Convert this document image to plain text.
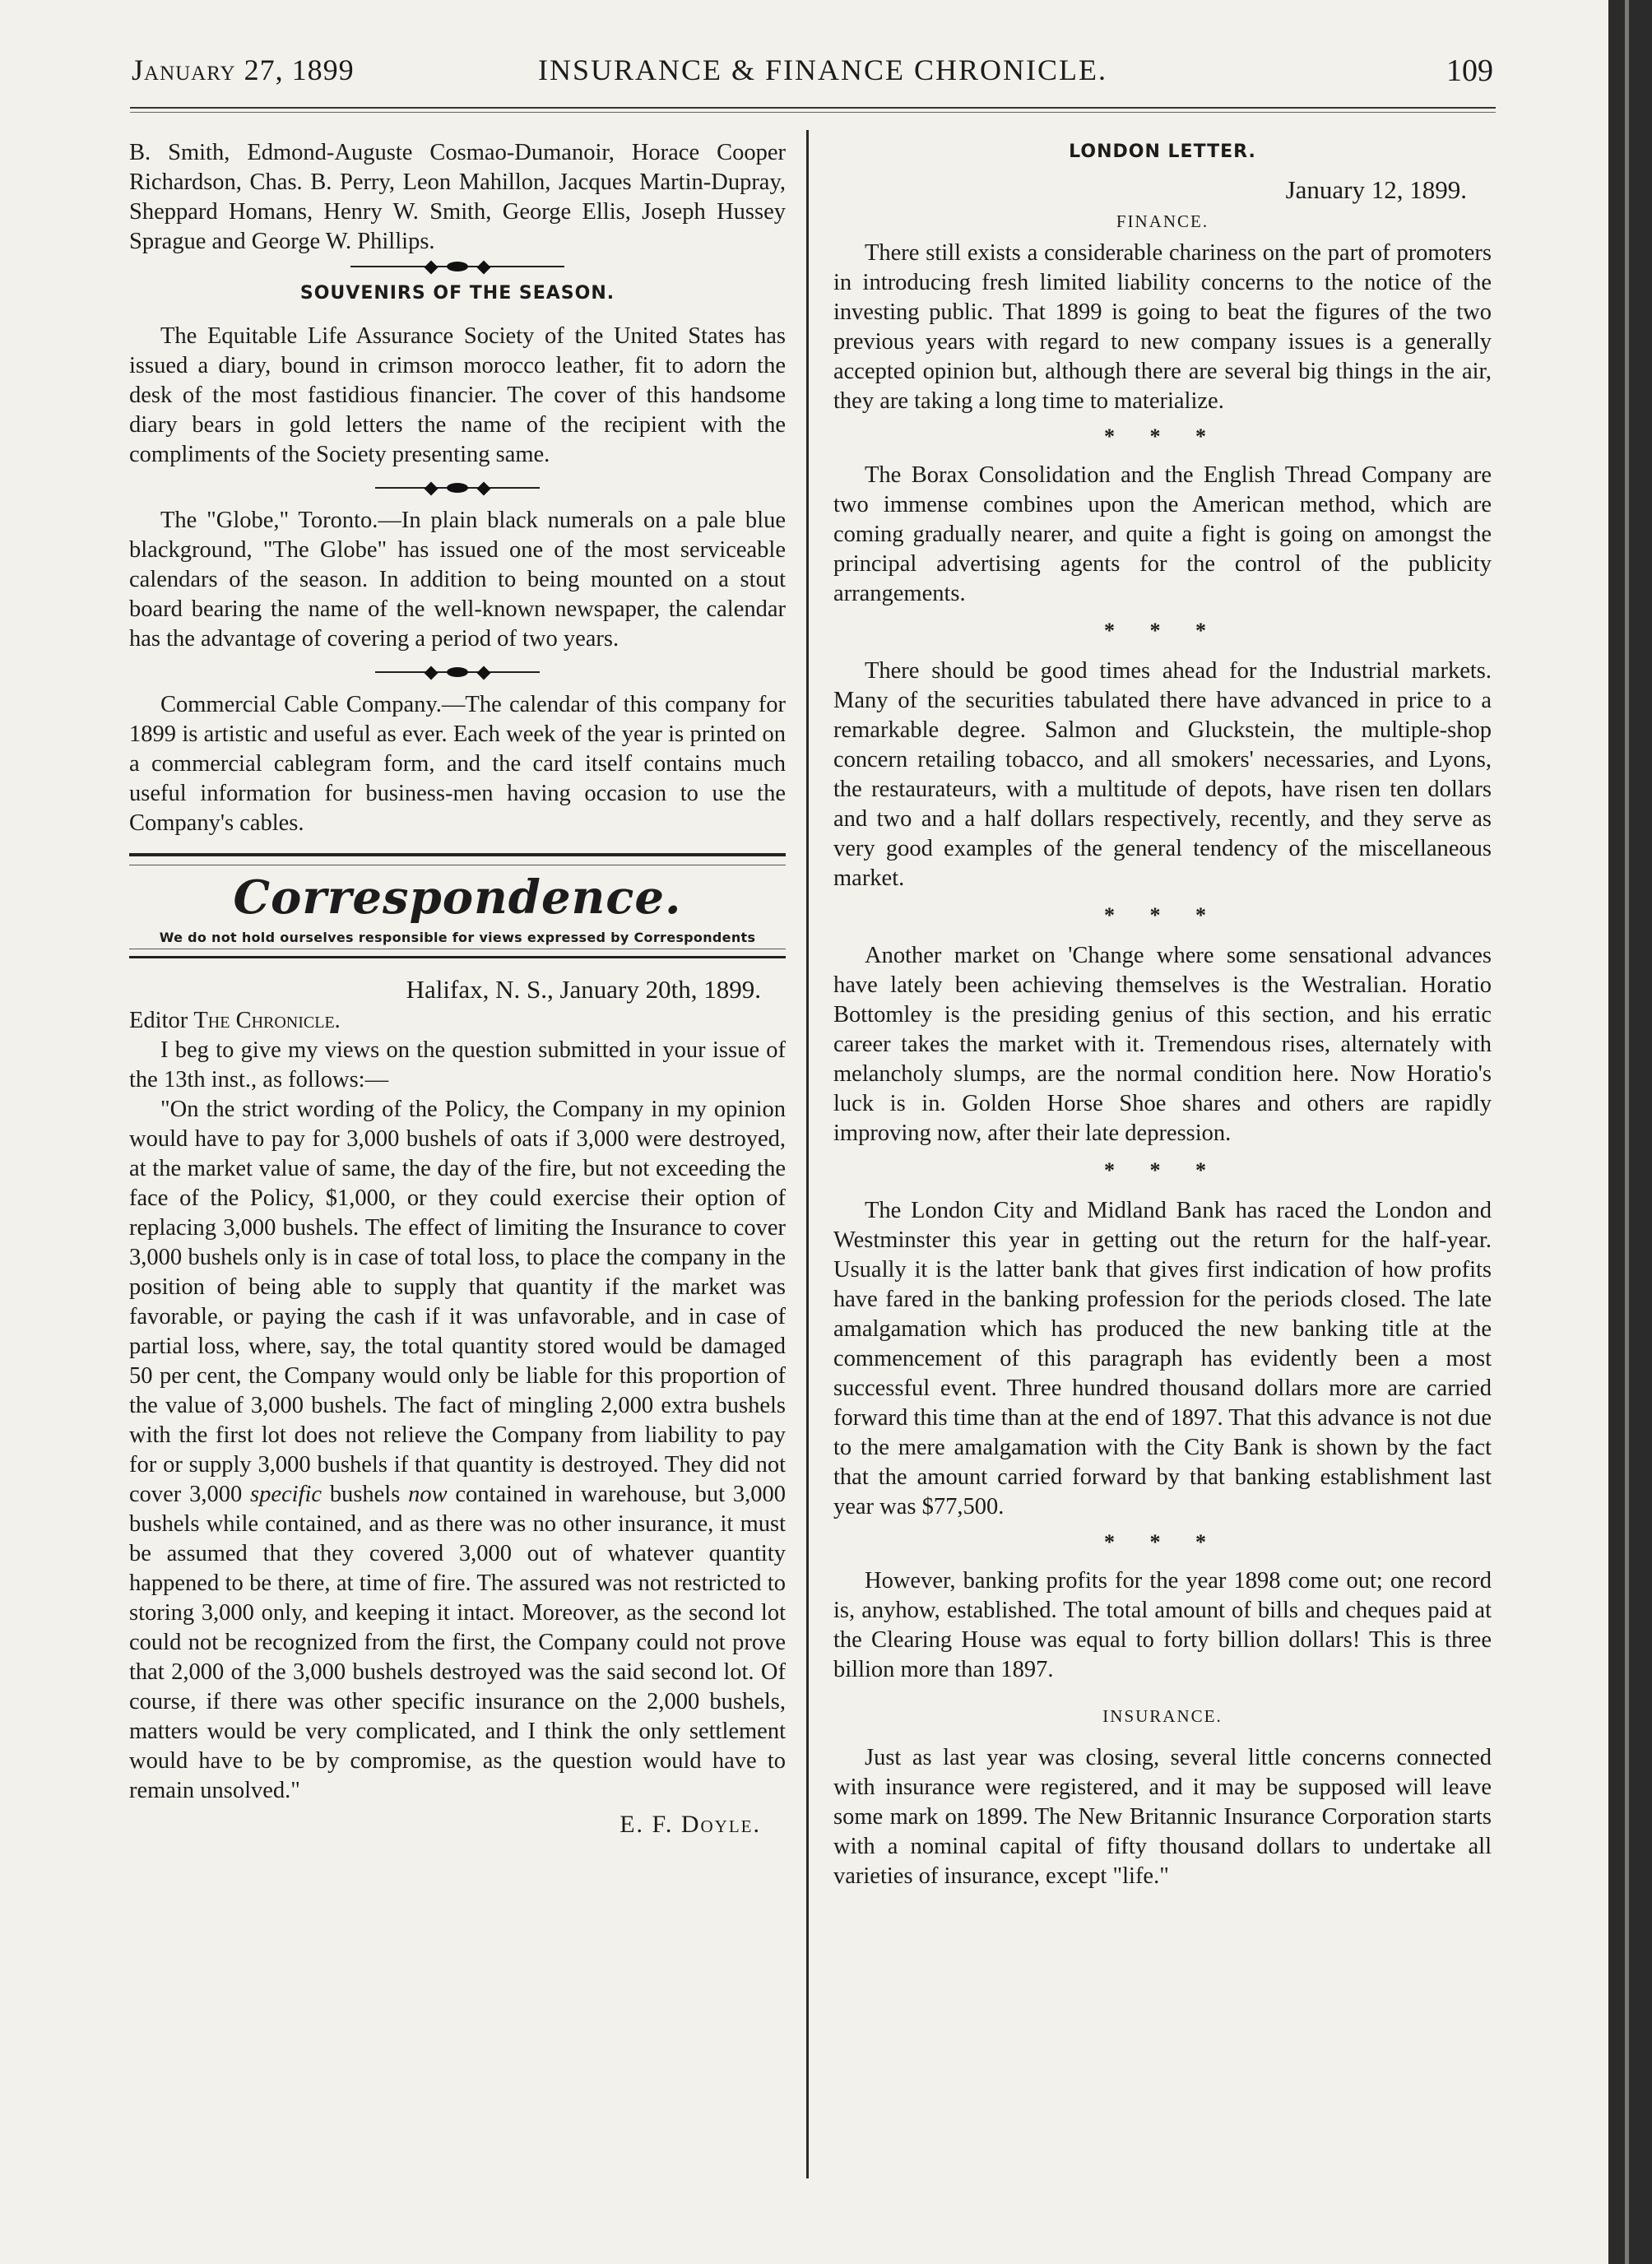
January 27, 1899	INSURANCE & FINANCE CHRONICLE.	109

B. Smith, Edmond-Auguste Cosmao-Dumanoir, Horace Cooper Richardson, Chas. B. Perry, Leon Mahillon, Jacques Martin-Dupray, Sheppard Homans, Henry W. Smith, George Ellis, Joseph Hussey Sprague and George W. Phillips.

SOUVENIRS OF THE SEASON.

The Equitable Life Assurance Society of the United States has issued a diary, bound in crimson morocco leather, fit to adorn the desk of the most fastidious financier. The cover of this handsome diary bears in gold letters the name of the recipient with the compliments of the Society presenting same.

The "Globe," Toronto.—In plain black numerals on a pale blue blackground, "The Globe" has issued one of the most serviceable calendars of the season. In addition to being mounted on a stout board bearing the name of the well-known newspaper, the calendar has the advantage of covering a period of two years.

Commercial Cable Company.—The calendar of this company for 1899 is artistic and useful as ever. Each week of the year is printed on a commercial cablegram form, and the card itself contains much useful information for business-men having occasion to use the Company's cables.

Correspondence.

We do not hold ourselves responsible for views expressed by Correspondents

Halifax, N. S., January 20th, 1899.

Editor The Chronicle.

I beg to give my views on the question submitted in your issue of the 13th inst., as follows:—

"On the strict wording of the Policy, the Company in my opinion would have to pay for 3,000 bushels of oats if 3,000 were destroyed, at the market value of same, the day of the fire, but not exceeding the face of the Policy, $1,000, or they could exercise their option of replacing 3,000 bushels. The effect of limiting the Insurance to cover 3,000 bushels only is in case of total loss, to place the company in the position of being able to supply that quantity if the market was favorable, or paying the cash if it was unfavorable, and in case of partial loss, where, say, the total quantity stored would be damaged 50 per cent, the Company would only be liable for this proportion of the value of 3,000 bushels. The fact of mingling 2,000 extra bushels with the first lot does not relieve the Company from liability to pay for or supply 3,000 bushels if that quantity is destroyed. They did not cover 3,000 specific bushels now contained in warehouse, but 3,000 bushels while contained, and as there was no other insurance, it must be assumed that they covered 3,000 out of whatever quantity happened to be there, at time of fire. The assured was not restricted to storing 3,000 only, and keeping it intact. Moreover, as the second lot could not be recognized from the first, the Company could not prove that 2,000 of the 3,000 bushels destroyed was the said second lot. Of course, if there was other specific insurance on the 2,000 bushels, matters would be very complicated, and I think the only settlement would have to be by compromise, as the question would have to remain unsolved."

E. F. Doyle.

LONDON LETTER.

January 12, 1899.

FINANCE.

There still exists a considerable chariness on the part of promoters in introducing fresh limited liability concerns to the notice of the investing public. That 1899 is going to beat the figures of the two previous years with regard to new company issues is a generally accepted opinion but, although there are several big things in the air, they are taking a long time to materialize.

* * *

The Borax Consolidation and the English Thread Company are two immense combines upon the American method, which are coming gradually nearer, and quite a fight is going on amongst the principal advertising agents for the control of the publicity arrangements.

* * *

There should be good times ahead for the Industrial markets. Many of the securities tabulated there have advanced in price to a remarkable degree. Salmon and Gluckstein, the multiple-shop concern retailing tobacco, and all smokers' necessaries, and Lyons, the restaurateurs, with a multitude of depots, have risen ten dollars and two and a half dollars respectively, recently, and they serve as very good examples of the general tendency of the miscellaneous market.

* * *

Another market on 'Change where some sensational advances have lately been achieving themselves is the Westralian. Horatio Bottomley is the presiding genius of this section, and his erratic career takes the market with it. Tremendous rises, alternately with melancholy slumps, are the normal condition here. Now Horatio's luck is in. Golden Horse Shoe shares and others are rapidly improving now, after their late depression.

* * *

The London City and Midland Bank has raced the London and Westminster this year in getting out the return for the half-year. Usually it is the latter bank that gives first indication of how profits have fared in the banking profession for the periods closed. The late amalgamation which has produced the new banking title at the commencement of this paragraph has evidently been a most successful event. Three hundred thousand dollars more are carried forward this time than at the end of 1897. That this advance is not due to the mere amalgamation with the City Bank is shown by the fact that the amount carried forward by that banking establishment last year was $77,500.

* * *

However, banking profits for the year 1898 come out; one record is, anyhow, established. The total amount of bills and cheques paid at the Clearing House was equal to forty billion dollars! This is three billion more than 1897.

INSURANCE.

Just as last year was closing, several little concerns connected with insurance were registered, and it may be supposed will leave some mark on 1899. The New Britannic Insurance Corporation starts with a nominal capital of fifty thousand dollars to undertake all varieties of insurance, except "life."
